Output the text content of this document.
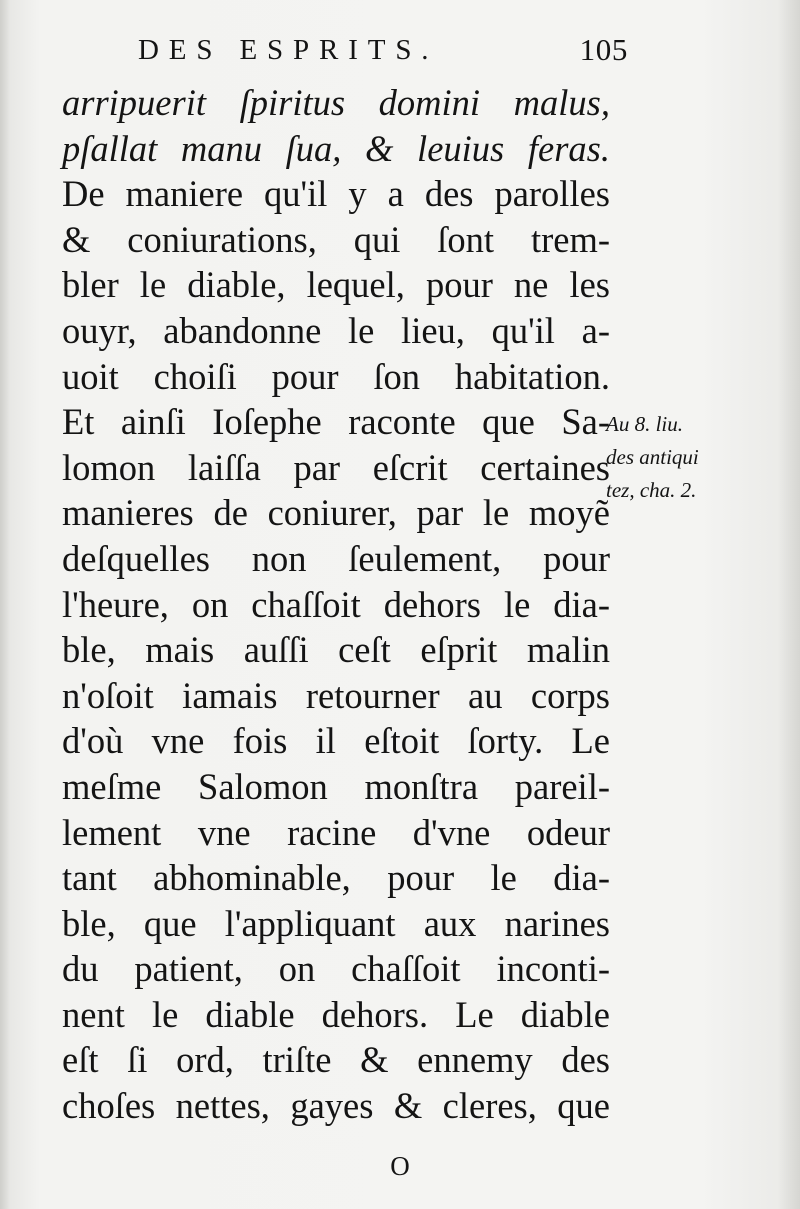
DES ESPRITS.	105
arripuerit ſpiritus domini malus,
pſallat manu ſua, & leuius feras.
De maniere qu'il y a des parolles
& coniurations, qui ſont trem-
bler le diable, lequel, pour ne les
ouyr, abandonne le lieu, qu'il a-
uoit choiſi pour ſon habitation.
Et ainſi Ioſephe raconte que Sa-
lomon laiſſa par eſcrit certaines
manieres de coniurer, par le moyẽ
deſquelles non ſeulement, pour
l'heure, on chaſſoit dehors le dia-
ble, mais auſſi ceſt eſprit malin
n'oſoit iamais retourner au corps
d'où vne fois il eſtoit ſorty. Le
meſme Salomon monſtra pareil-
lement vne racine d'vne odeur
tant abhominable, pour le dia-
ble, que l'appliquant aux narines
du patient, on chaſſoit inconti-
nent le diable dehors. Le diable
eſt ſi ord, triſte & ennemy des
choſes nettes, gayes & cleres, que
Au 8. liu.
des antiqui
tez, cha. 2.
O
